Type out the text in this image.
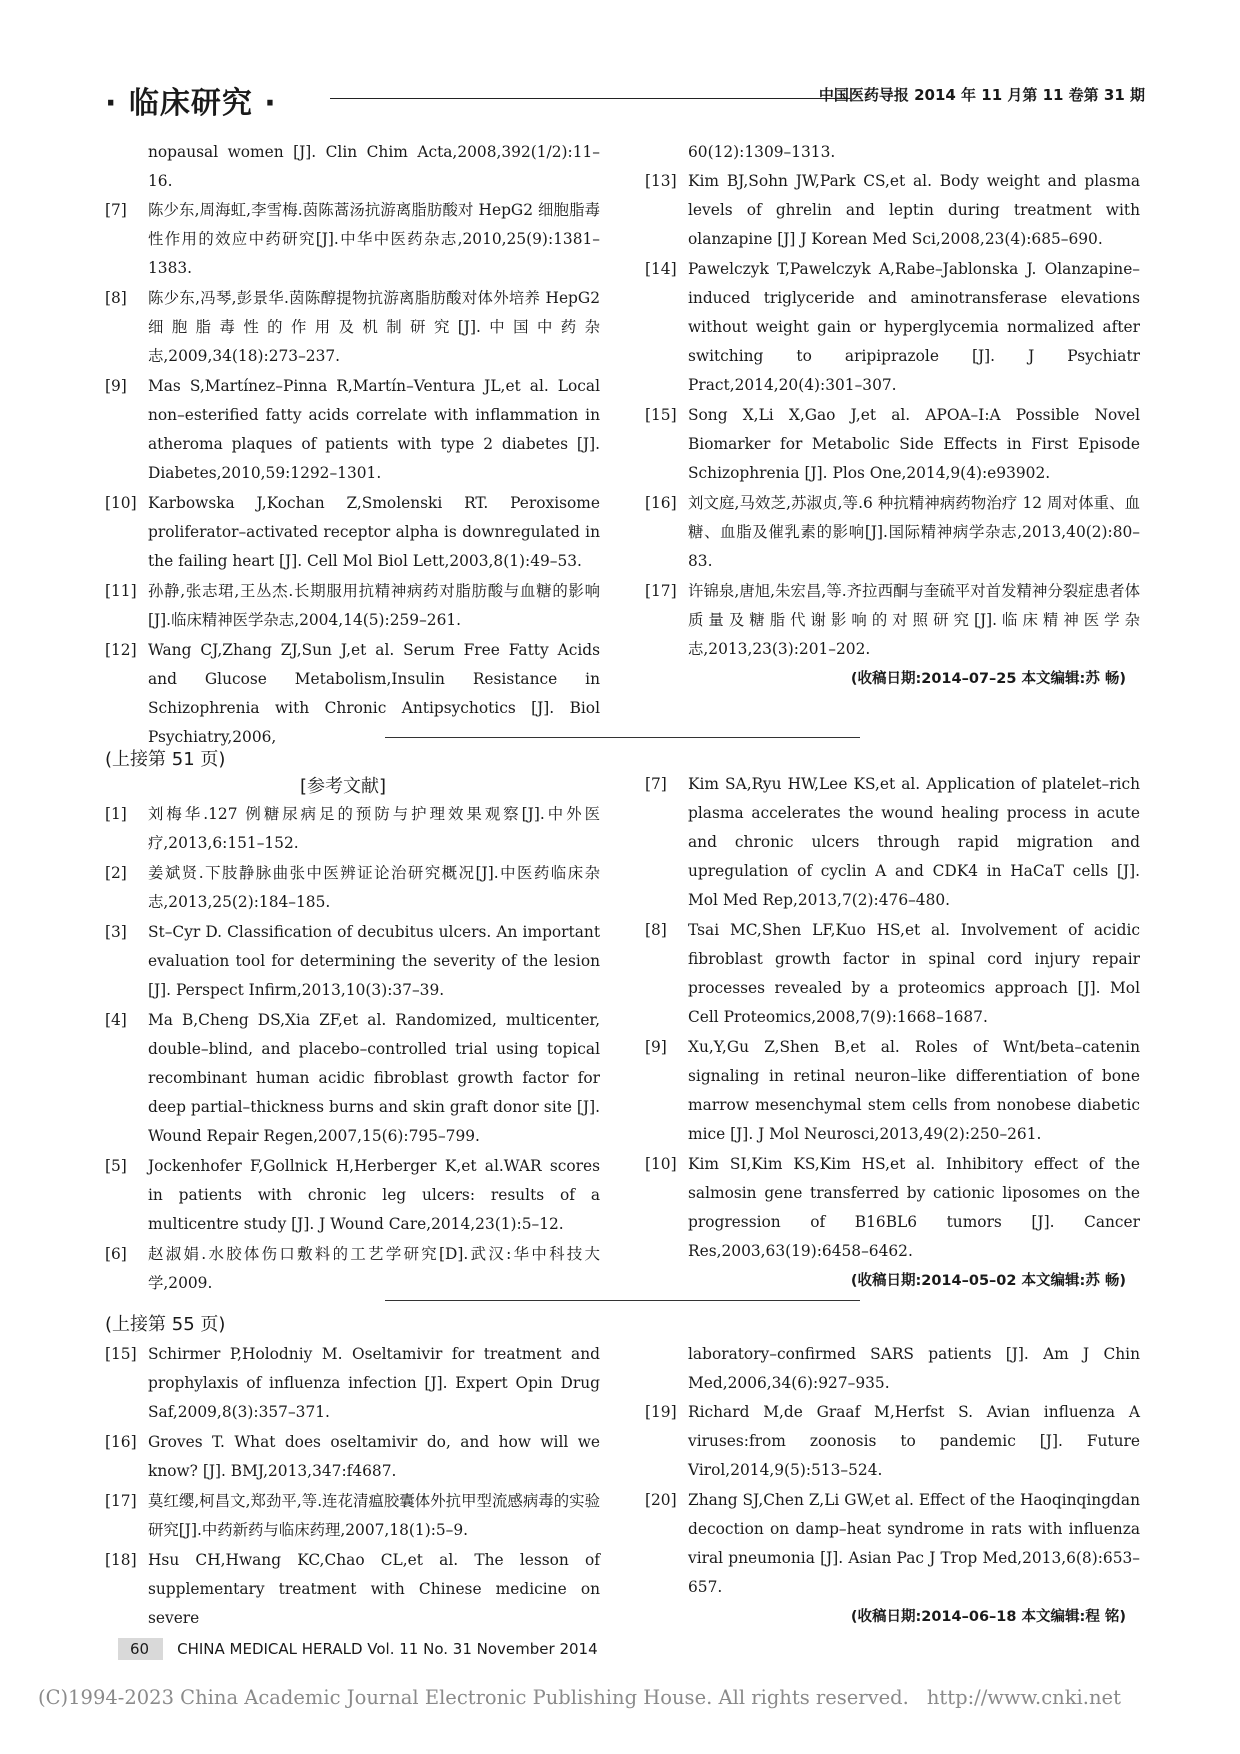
· 临床研究 ·	中国医药导报 2014 年 11 月第 11 卷第 31 期
nopausal women [J]. Clin Chim Acta,2008,392(1/2):11–16.
[7] 陈少东,周海虹,李雪梅.茵陈蒿汤抗游离脂肪酸对 HepG2 细胞脂毒性作用的效应中药研究[J].中华中医药杂志,2010,25(9):1381–1383.
[8] 陈少东,冯琴,彭景华.茵陈醇提物抗游离脂肪酸对体外培养 HepG2 细胞脂毒性的作用及机制研究[J].中国中药杂志,2009,34(18):273–237.
[9] Mas S,Martínez–Pinna R,Martín–Ventura JL,et al. Local non–esterified fatty acids correlate with inflammation in atheroma plaques of patients with type 2 diabetes [J]. Diabetes,2010,59:1292–1301.
[10] Karbowska J,Kochan Z,Smolenski RT. Peroxisome proliferator–activated receptor alpha is downregulated in the failing heart [J]. Cell Mol Biol Lett,2003,8(1):49–53.
[11] 孙静,张志珺,王丛杰.长期服用抗精神病药对脂肪酸与血糖的影响[J].临床精神医学杂志,2004,14(5):259–261.
[12] Wang CJ,Zhang ZJ,Sun J,et al. Serum Free Fatty Acids and Glucose Metabolism,Insulin Resistance in Schizophrenia with Chronic Antipsychotics [J]. Biol Psychiatry,2006,
60(12):1309–1313.
[13] Kim BJ,Sohn JW,Park CS,et al. Body weight and plasma levels of ghrelin and leptin during treatment with olanzapine [J] J Korean Med Sci,2008,23(4):685–690.
[14] Pawelczyk T,Pawelczyk A,Rabe–Jablonska J. Olanzapine–induced triglyceride and aminotransferase elevations without weight gain or hyperglycemia normalized after switching to aripiprazole [J]. J Psychiatr Pract,2014,20(4):301–307.
[15] Song X,Li X,Gao J,et al. APOA–I:A Possible Novel Biomarker for Metabolic Side Effects in First Episode Schizophrenia [J]. Plos One,2014,9(4):e93902.
[16] 刘文庭,马效芝,苏淑贞,等.6 种抗精神病药物治疗 12 周对体重、血糖、血脂及催乳素的影响[J].国际精神病学杂志,2013,40(2):80–83.
[17] 许锦泉,唐旭,朱宏昌,等.齐拉西酮与奎硫平对首发精神分裂症患者体质量及糖脂代谢影响的对照研究[J].临床精神医学杂志,2013,23(3):201–202.
(收稿日期:2014–07–25 本文编辑:苏 畅)
(上接第 51 页)
[参考文献]
[1] 刘梅华.127 例糖尿病足的预防与护理效果观察[J].中外医疗,2013,6:151–152.
[2] 姜斌贤.下肢静脉曲张中医辨证论治研究概况[J].中医药临床杂志,2013,25(2):184–185.
[3] St–Cyr D. Classification of decubitus ulcers. An important evaluation tool for determining the severity of the lesion [J]. Perspect Infirm,2013,10(3):37–39.
[4] Ma B,Cheng DS,Xia ZF,et al. Randomized, multicenter, double–blind, and placebo–controlled trial using topical recombinant human acidic fibroblast growth factor for deep partial–thickness burns and skin graft donor site [J]. Wound Repair Regen,2007,15(6):795–799.
[5] Jockenhofer F,Gollnick H,Herberger K,et al.WAR scores in patients with chronic leg ulcers: results of a multicentre study [J]. J Wound Care,2014,23(1):5–12.
[6] 赵淑娟.水胶体伤口敷料的工艺学研究[D].武汉:华中科技大学,2009.
[7] Kim SA,Ryu HW,Lee KS,et al. Application of platelet–rich plasma accelerates the wound healing process in acute and chronic ulcers through rapid migration and upregulation of cyclin A and CDK4 in HaCaT cells [J]. Mol Med Rep,2013,7(2):476–480.
[8] Tsai MC,Shen LF,Kuo HS,et al. Involvement of acidic fibroblast growth factor in spinal cord injury repair processes revealed by a proteomics approach [J]. Mol Cell Proteomics,2008,7(9):1668–1687.
[9] Xu,Y,Gu Z,Shen B,et al. Roles of Wnt/beta–catenin signaling in retinal neuron–like differentiation of bone marrow mesenchymal stem cells from nonobese diabetic mice [J]. J Mol Neurosci,2013,49(2):250–261.
[10] Kim SI,Kim KS,Kim HS,et al. Inhibitory effect of the salmosin gene transferred by cationic liposomes on the progression of B16BL6 tumors [J]. Cancer Res,2003,63(19):6458–6462.
(收稿日期:2014–05–02 本文编辑:苏 畅)
(上接第 55 页)
[15] Schirmer P,Holodniy M. Oseltamivir for treatment and prophylaxis of influenza infection [J]. Expert Opin Drug Saf,2009,8(3):357–371.
[16] Groves T. What does oseltamivir do, and how will we know? [J]. BMJ,2013,347:f4687.
[17] 莫红缨,柯昌文,郑劲平,等.连花清瘟胶囊体外抗甲型流感病毒的实验研究[J].中药新药与临床药理,2007,18(1):5–9.
[18] Hsu CH,Hwang KC,Chao CL,et al. The lesson of supplementary treatment with Chinese medicine on severe
laboratory–confirmed SARS patients [J]. Am J Chin Med,2006,34(6):927–935.
[19] Richard M,de Graaf M,Herfst S. Avian influenza A viruses:from zoonosis to pandemic [J]. Future Virol,2014,9(5):513–524.
[20] Zhang SJ,Chen Z,Li GW,et al. Effect of the Haoqinqingdan decoction on damp–heat syndrome in rats with influenza viral pneumonia [J]. Asian Pac J Trop Med,2013,6(8):653–657.
(收稿日期:2014–06–18 本文编辑:程 铭)
60	CHINA MEDICAL HERALD Vol. 11 No. 31 November 2014
(C)1994-2023 China Academic Journal Electronic Publishing House. All rights reserved. http://www.cnki.net
